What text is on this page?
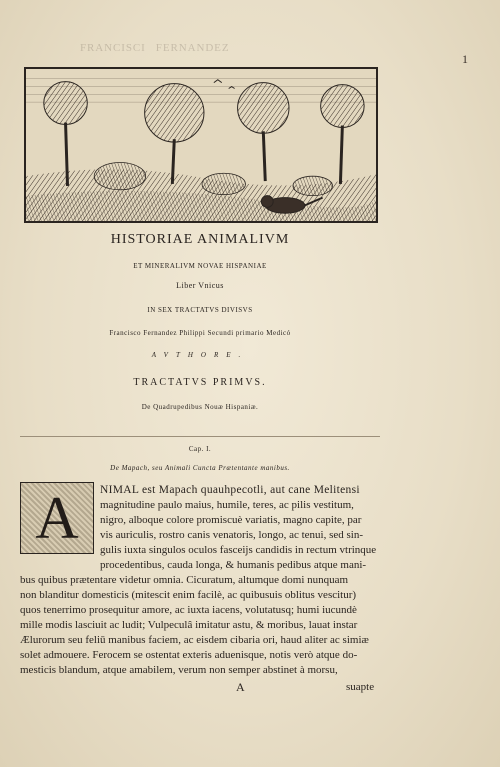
1
F R A N C I S C I F E R N A N D E Z
HISTORIAE ANIMALIVM
ET MINERALIVM NOVAE HISPANIAE
Liber Vnicus
IN SEX TRACTATVS DIVISVS
Francisco Fernandez Philippi Secundi primario Medicó
AVTHORE.
TRACTATVS PRIMVS.
De Quadrupedibus Nouæ Hispaniæ.
Cap. I.
De Mapach, seu Animali Cuncta Prætentante manibus.
A NIMAL est Mapach quauhpecotli, aut cane Melitensi
magnitudine paulo maius, humile, teres, ac pilis vestitum,
nigro, alboque colore promiscuè variatis, magno capite, par
vis auriculis, rostro canis venatoris, longo, ac tenui, sed sin-
gulis iuxta singulos oculos fasceijs candidis in rectum vtrinque
procedentibus, cauda longa, & humanis pedibus atque mani-
bus quibus prætentare videtur omnia. Cicuratum, altumque domi nunquam
non blanditur domesticis (mitescit enim facilè, ac quibusuis oblitus vescitur)
quos tenerrimo prosequitur amore, ac iuxta iacens, volutatusq; humi iucundè
mille modis lasciuit ac ludit; Vulpeculâ imitatur astu, & moribus, lauat instar
Ælurorum seu feliū manibus faciem, ac eisdem cibaria ori, haud aliter ac simiæ
solet admouere. Ferocem se ostentat exteris aduenisque, notis verò atque do-
mesticis blandum, atque amabilem, verum non semper abstinet à morsu,
A	suapte
